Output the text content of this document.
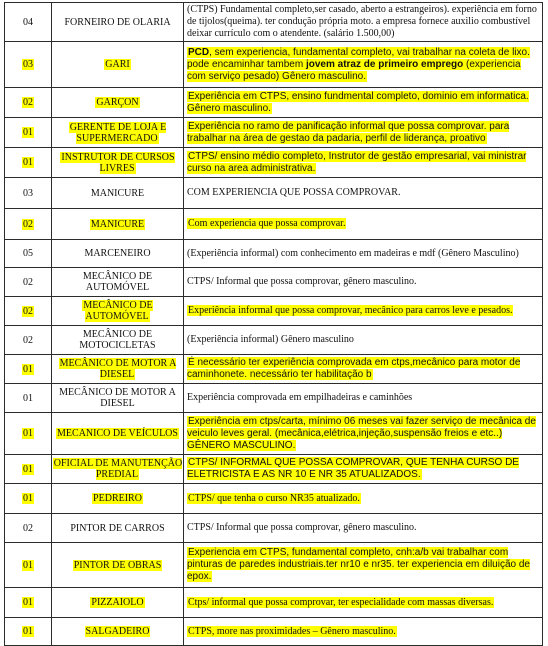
04	FORNEIRO DE OLARIA	(CTPS) Fundamental completo,ser casado, aberto a estrangeiros). experiência em forno de tijolos(queima). ter condução própria moto. a empresa fornece auxilio combustível deixar currículo com o atendente. (salário 1.500,00)
03	GARI	PCD, sem experiencia, fundamental completo, vai trabalhar na coleta de lixo. pode encaminhar tambem jovem atraz de primeiro emprego (experiencia com serviço pesado) Gênero masculino.
02	GARÇON	Experiência em CTPS, ensino fundmental completo, dominio em informatica. Gênero masculino.
01	GERENTE DE LOJA E SUPERMERCADO	Experiência no ramo de panificação informal que possa comprovar. para trabalhar na área de gestao da padaria, perfil de liderança, proativo
01	INSTRUTOR DE CURSOS LIVRES	CTPS/ ensino médio completo, Instrutor de gestão empresarial, vai ministrar curso na area administrativa.
03	MANICURE	COM EXPERIENCIA QUE POSSA COMPROVAR.
02	MANICURE	Com experiencia que possa comprovar.
05	MARCENEIRO	(Experiência informal) com conhecimento em madeiras e mdf (Gênero Masculino)
02	MECÂNICO DE AUTOMÓVEL	CTPS/ Informal que possa comprovar, gênero masculino.
02	MECÂNICO DE AUTOMÓVEL	Experiência informal que possa comprovar, mecânico para carros leve e pesados.
02	MECÂNICO DE MOTOCICLETAS	(Experiência informal) Gênero masculino
01	MECÂNICO DE MOTOR A DIESEL	É necessário ter experiência comprovada em ctps,mecânico para motor de caminhonete. necessário ter habilitação b
01	MECÂNICO DE MOTOR A DIESEL	Experiência comprovada em empilhadeiras e caminhões
01	MECANICO DE VEÍCULOS	Experiência em ctps/carta, mínimo 06 meses vai fazer serviço de mecânica de veiculo leves geral. (mecânica,elétrica,injeção,suspensão freios e etc..) GÊNERO MASCULINO.
01	OFICIAL DE MANUTENÇÃO PREDIAL	CTPS/ INFORMAL QUE POSSA COMPROVAR, QUE TENHA CURSO DE ELETRICISTA E AS NR 10 E NR 35 ATUALIZADOS.
01	PEDREIRO	CTPS/ que tenha o curso NR35 atualizado.
02	PINTOR DE CARROS	CTPS/ Informal que possa comprovar, gênero masculino.
01	PINTOR DE OBRAS	Experiencia em CTPS, fundamental completo, cnh:a/b vai trabalhar com pinturas de paredes industriais.ter nr10 e nr35. ter experiencia em diluição de epox.
01	PIZZAIOLO	Ctps/ informal que possa comprovar, ter especialidade com massas diversas.
01	SALGADEIRO	CTPS, more nas proximidades – Gênero masculino.
